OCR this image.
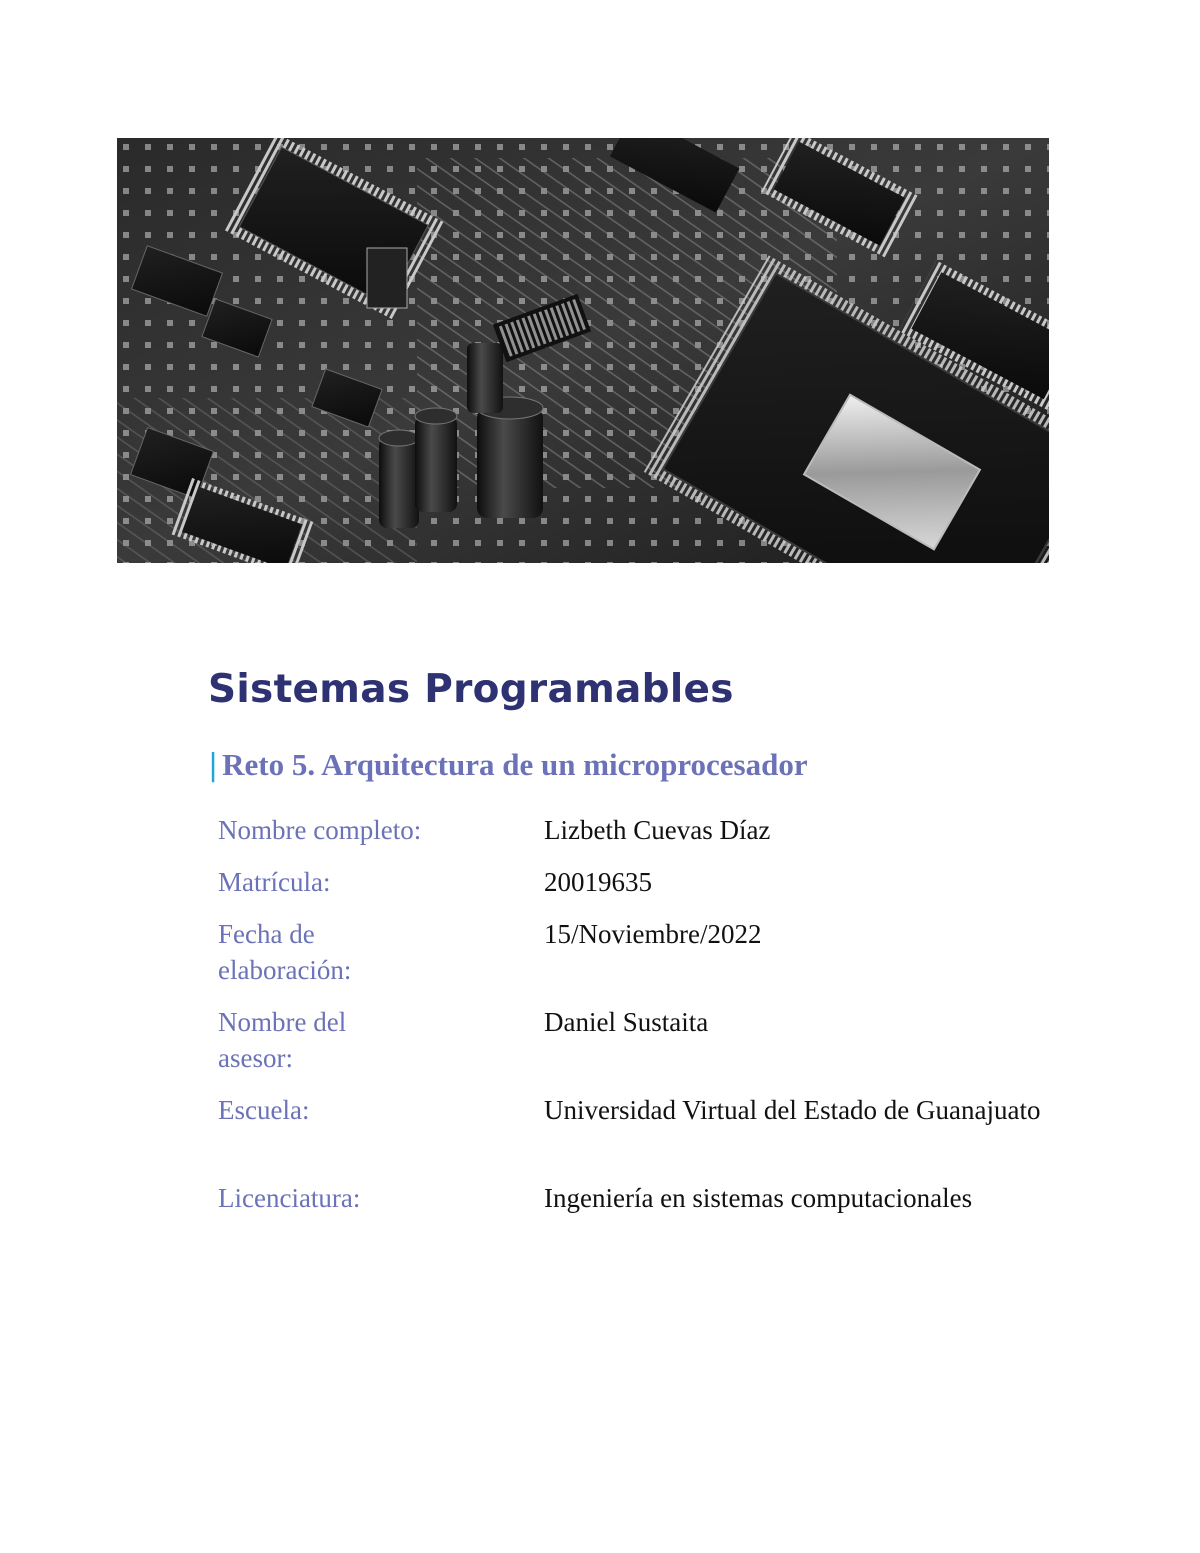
Sistemas Programables
| Reto 5. Arquitectura de un microprocesador
Nombre completo:	Lizbeth Cuevas Díaz

Matrícula:	20019635

Fecha de elaboración:	15/Noviembre/2022

Nombre del asesor:	Daniel Sustaita

Escuela:	Universidad Virtual del Estado de Guanajuato

Licenciatura:	Ingeniería en sistemas computacionales
